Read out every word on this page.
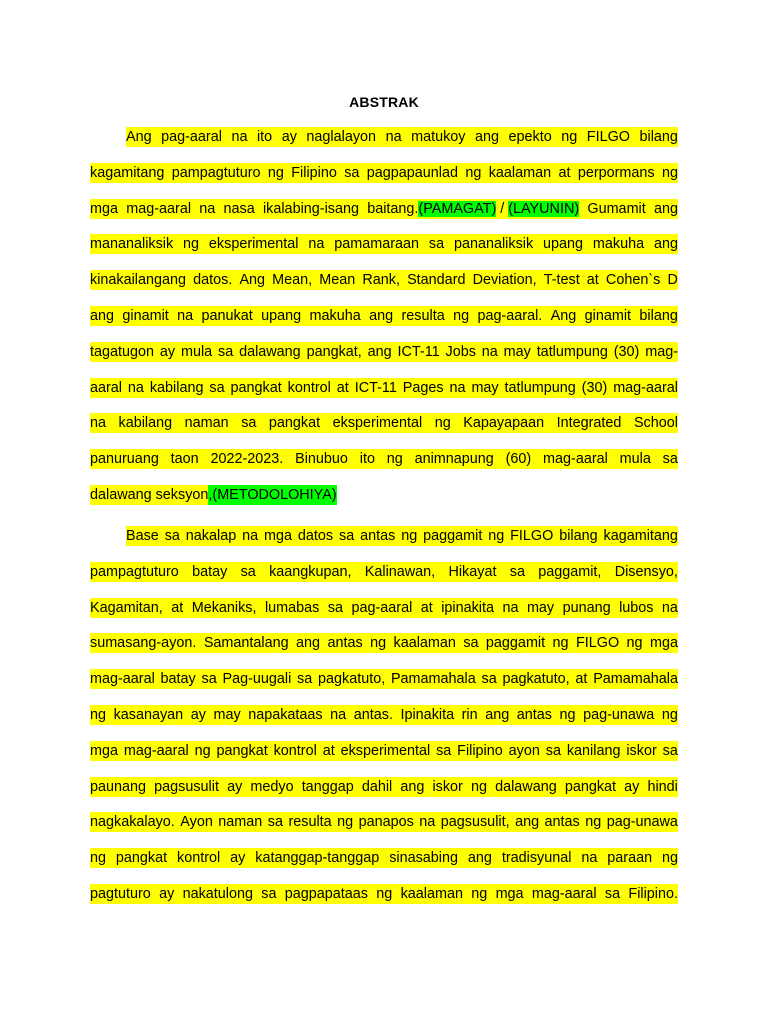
ABSTRAK
Ang pag-aaral na ito ay naglalayon na matukoy ang epekto ng FILGO bilang
kagamitang pampagtuturo ng Filipino sa pagpapaunlad ng kaalaman at perpormans ng
mga mag-aaral na nasa ikalabing-isang baitang.(PAMAGAT) / (LAYUNIN) Gumamit ang
mananaliksik ng eksperimental na pamamaraan sa pananaliksik upang makuha ang
kinakailangang datos. Ang Mean, Mean Rank, Standard Deviation, T-test at Cohen`s D
ang ginamit na panukat upang makuha ang resulta ng pag-aaral. Ang ginamit bilang
tagatugon ay mula sa dalawang pangkat, ang ICT-11 Jobs na may tatlumpung (30) mag-
aaral na kabilang sa pangkat kontrol at ICT-11 Pages na may tatlumpung (30) mag-aaral
na kabilang naman sa pangkat eksperimental ng Kapayapaan Integrated School
panuruang taon 2022-2023. Binubuo ito ng animnapung (60) mag-aaral mula sa
dalawang seksyon , (METODOLOHIYA)
Base sa nakalap na mga datos sa antas ng paggamit ng FILGO bilang kagamitang
pampagtuturo batay sa kaangkupan, Kalinawan, Hikayat sa paggamit, Disensyo,
Kagamitan, at Mekaniks, lumabas sa pag-aaral at ipinakita na may punang lubos na
sumasang-ayon. Samantalang ang antas ng kaalaman sa paggamit ng FILGO ng mga
mag-aaral batay sa Pag-uugali sa pagkatuto, Pamamahala sa pagkatuto, at Pamamahala
ng kasanayan ay may napakataas na antas. Ipinakita rin ang antas ng pag-unawa ng
mga mag-aaral ng pangkat kontrol at eksperimental sa Filipino ayon sa kanilang iskor sa
paunang pagsusulit ay medyo tanggap dahil ang iskor ng dalawang pangkat ay hindi
nagkakalayo. Ayon naman sa resulta ng panapos na pagsusulit, ang antas ng pag-unawa
ng pangkat kontrol ay katanggap-tanggap sinasabing ang tradisyunal na paraan ng
pagtuturo ay nakatulong sa pagpapataas ng kaalaman ng mga mag-aaral sa Filipino.
